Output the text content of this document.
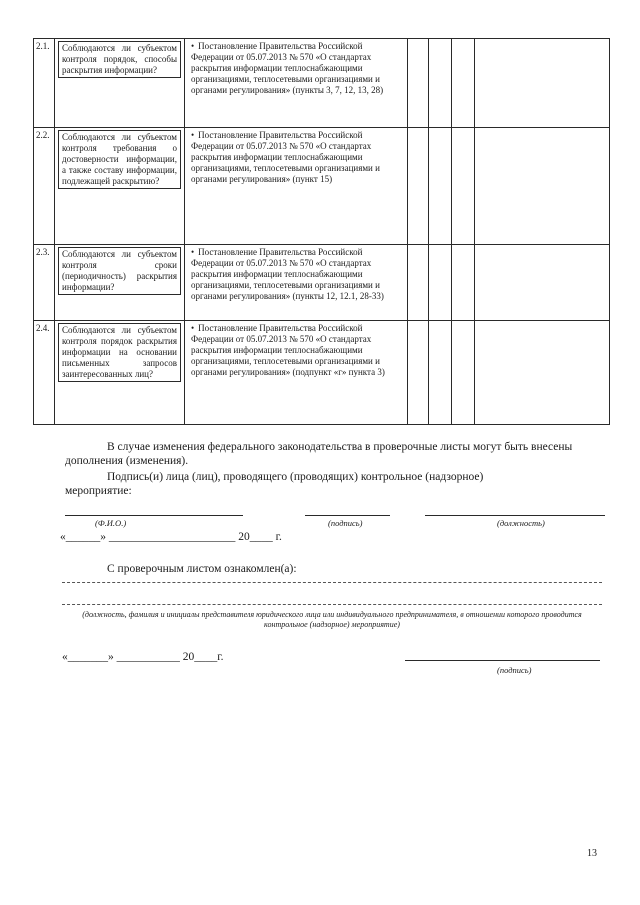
2.1.	Соблюдаются ли субъектом контроля порядок, способы раскрытия информации?	• Постановление Правительства Российской Федерации от 05.07.2013 № 570 «О стандартах раскрытия информации теплоснабжающими организациями, теплосетевыми организациями и органами регулирования» (пункты 3, 7, 12, 13, 28)				
2.2.	Соблюдаются ли субъектом контроля требования о достоверности информации, а также составу информации, подлежащей раскрытию?	• Постановление Правительства Российской Федерации от 05.07.2013 № 570 «О стандартах раскрытия информации теплоснабжающими организациями, теплосетевыми организациями и органами регулирования» (пункт 15)				
2.3.	Соблюдаются ли субъектом контроля сроки (периодичность) раскрытия информации?	• Постановление Правительства Российской Федерации от 05.07.2013 № 570 «О стандартах раскрытия информации теплоснабжающими организациями, теплосетевыми организациями и органами регулирования» (пункты 12, 12.1, 28-33)				
2.4.	Соблюдаются ли субъектом контроля порядок раскрытия информации на основании письменных запросов заинтересованных лиц?	• Постановление Правительства Российской Федерации от 05.07.2013 № 570 «О стандартах раскрытия информации теплоснабжающими организациями, теплосетевыми организациями и органами регулирования» (подпункт «г» пункта 3)				
В случае изменения федерального законодательства в проверочные листы могут быть внесены дополнения (изменения).
Подпись(и) лица (лиц), проводящего (проводящих) контрольное (надзорное) мероприятие:
(Ф.И.О.)	(подпись)	(должность)
«______» ______________________ 20____ г.
С проверочным листом ознакомлен(а):
(должность, фамилия и инициалы представителя юридического лица или индивидуального предпринимателя, в отношении которого проводится контрольное (надзорное) мероприятие)
«_______» ___________ 20____г.
(подпись)
13
